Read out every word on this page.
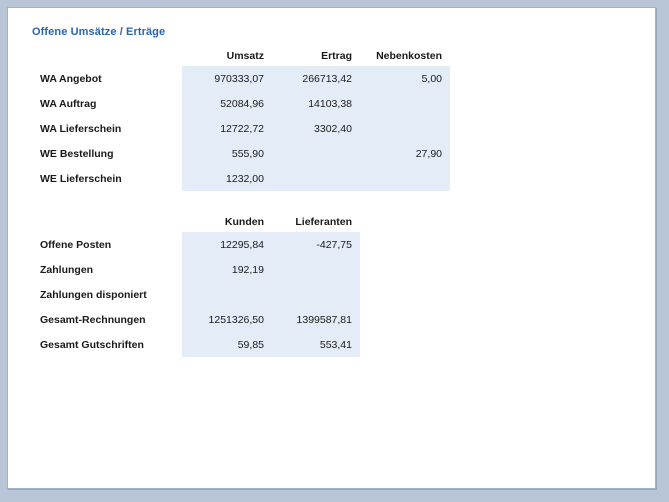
Offene Umsätze / Erträge
	Umsatz	Ertrag	Nebenkosten
WA Angebot	970333,07	266713,42	5,00
WA Auftrag	52084,96	14103,38	
WA Lieferschein	12722,72	3302,40	
WE Bestellung	555,90		27,90
WE Lieferschein	1232,00		
	Kunden	Lieferanten
Offene Posten	12295,84	-427,75
Zahlungen	192,19	
Zahlungen disponiert		
Gesamt-Rechnungen	1251326,50	1399587,81
Gesamt Gutschriften	59,85	553,41
